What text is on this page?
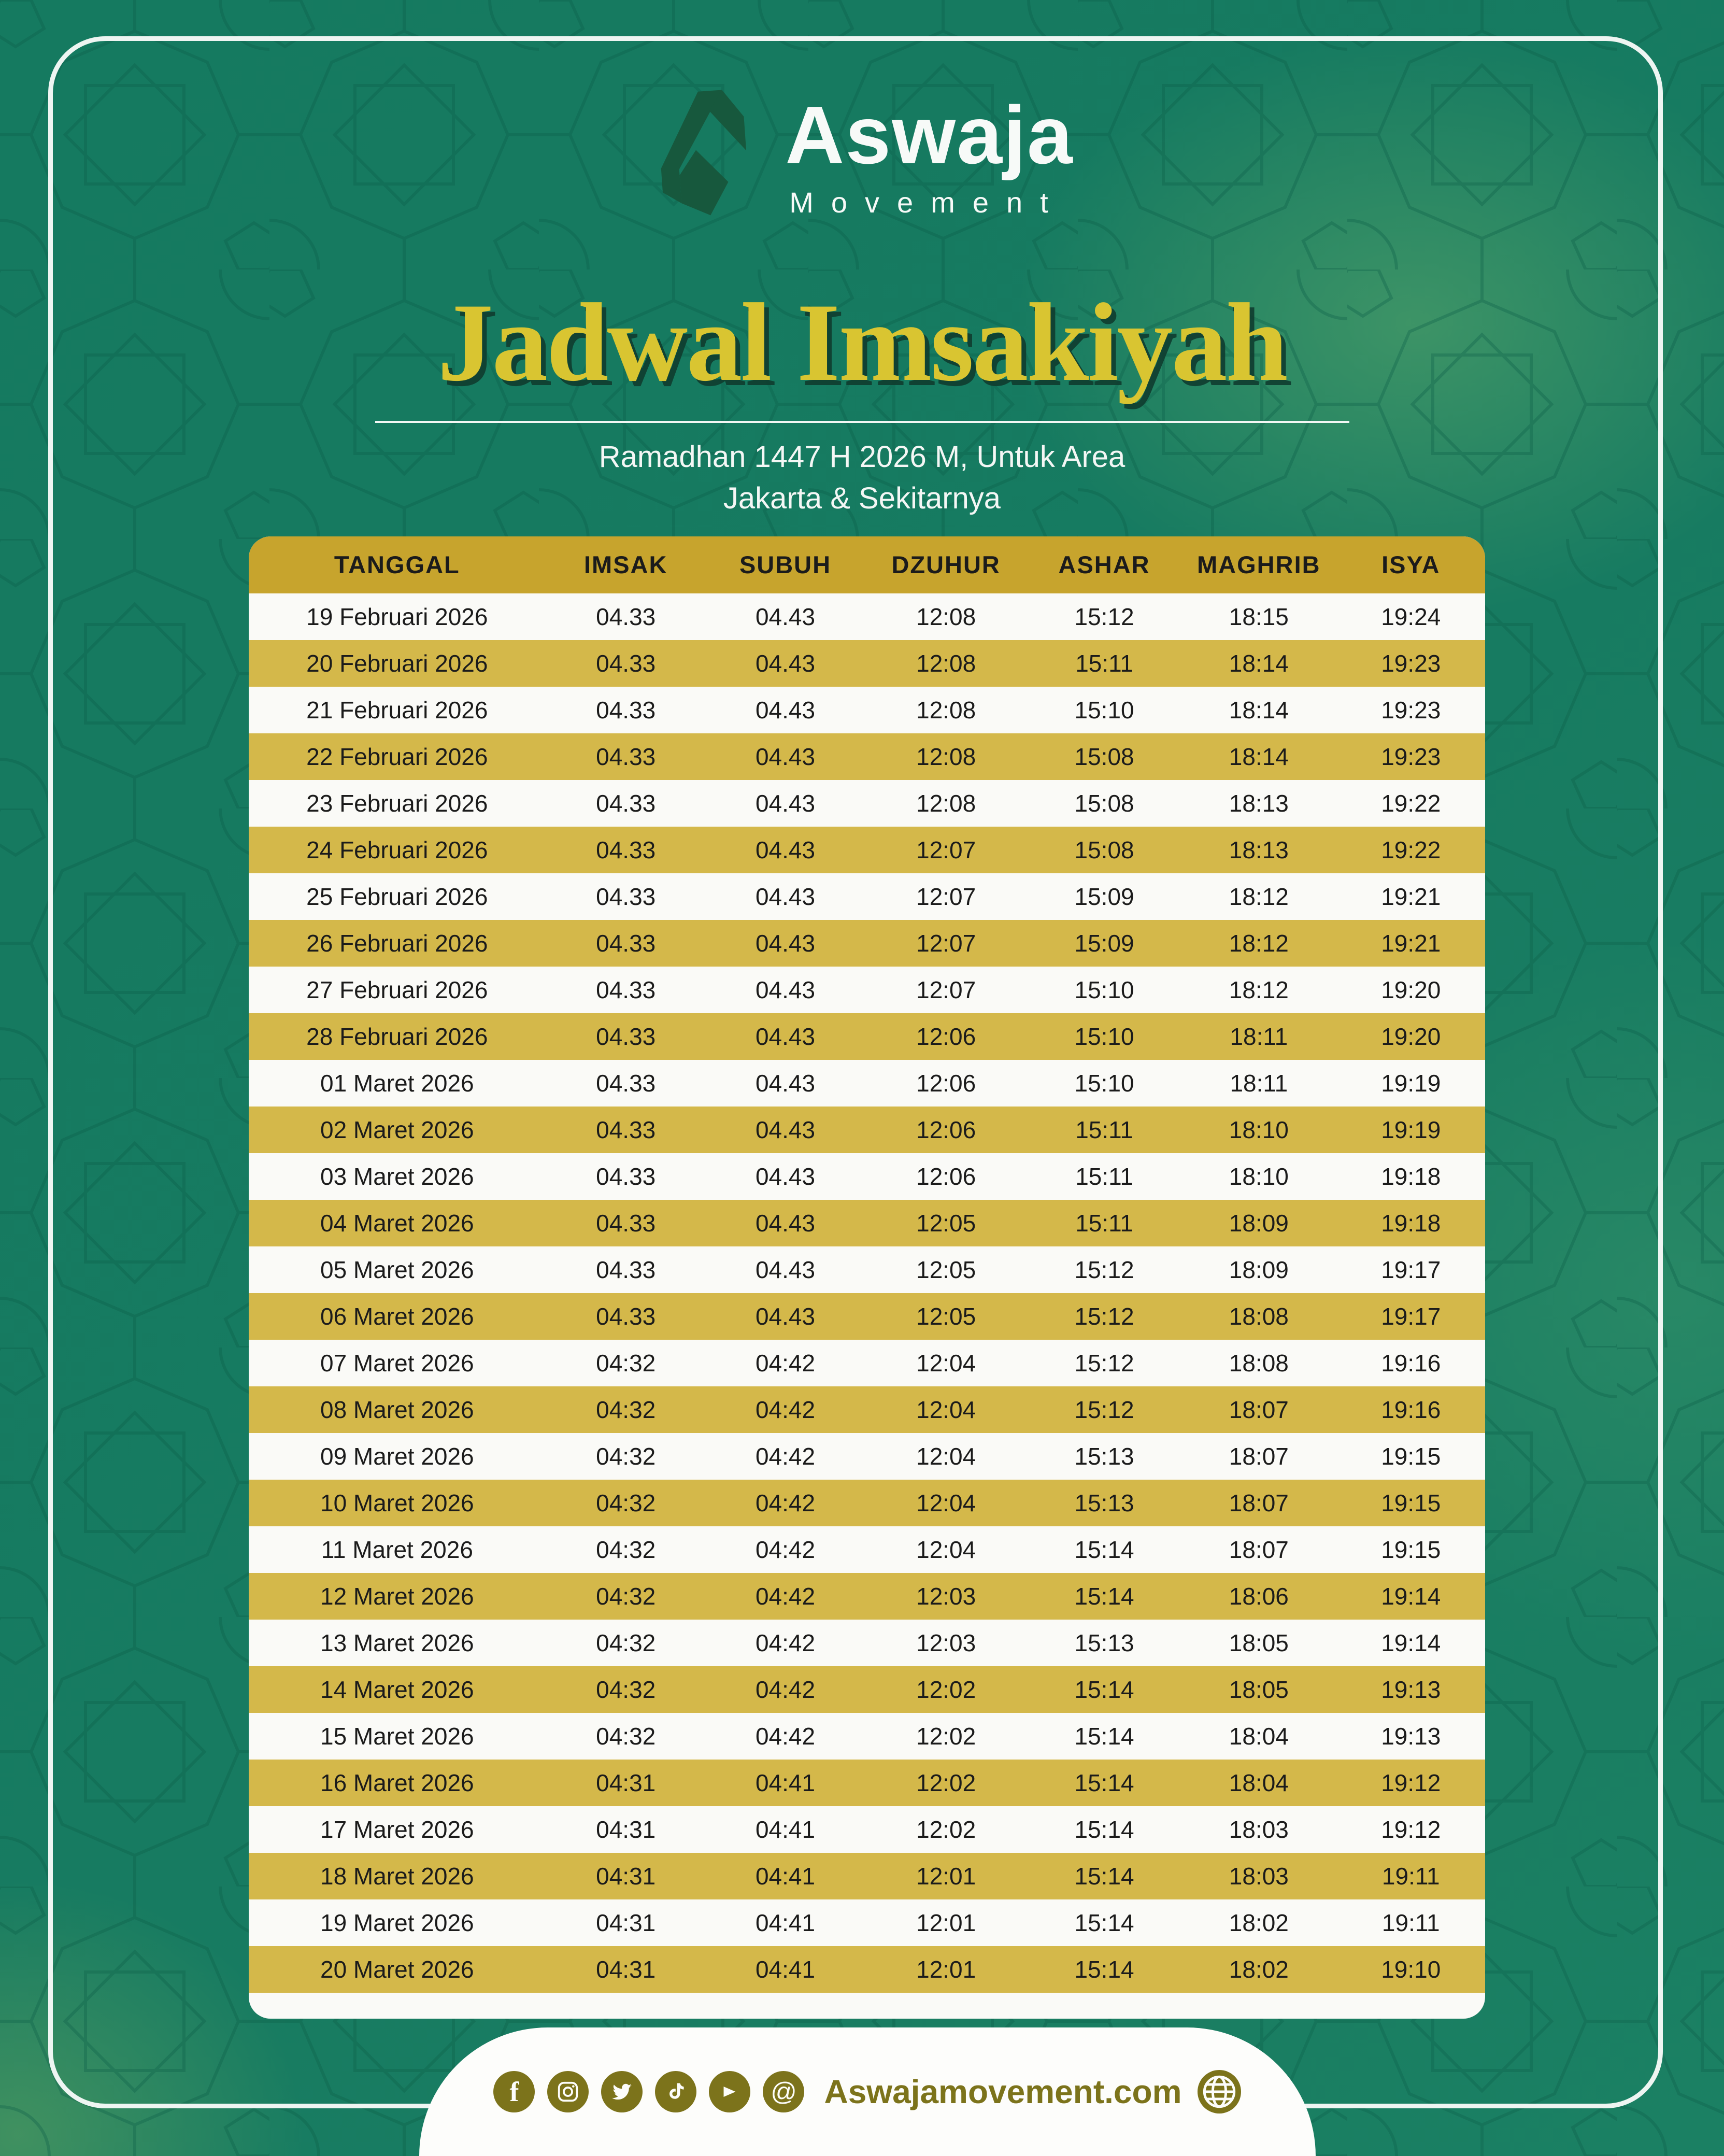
Aswaja
Movement
Jadwal Imsakiyah
Ramadhan 1447 H 2026 M, Untuk Area
Jakarta & Sekitarnya
TANGGAL	IMSAK	SUBUH	DZUHUR	ASHAR	MAGHRIB	ISYA
19 Februari 2026	04.33	04.43	12:08	15:12	18:15	19:24
20 Februari 2026	04.33	04.43	12:08	15:11	18:14	19:23
21 Februari 2026	04.33	04.43	12:08	15:10	18:14	19:23
22 Februari 2026	04.33	04.43	12:08	15:08	18:14	19:23
23 Februari 2026	04.33	04.43	12:08	15:08	18:13	19:22
24 Februari 2026	04.33	04.43	12:07	15:08	18:13	19:22
25 Februari 2026	04.33	04.43	12:07	15:09	18:12	19:21
26 Februari 2026	04.33	04.43	12:07	15:09	18:12	19:21
27 Februari 2026	04.33	04.43	12:07	15:10	18:12	19:20
28 Februari 2026	04.33	04.43	12:06	15:10	18:11	19:20
01 Maret 2026	04.33	04.43	12:06	15:10	18:11	19:19
02 Maret 2026	04.33	04.43	12:06	15:11	18:10	19:19
03 Maret 2026	04.33	04.43	12:06	15:11	18:10	19:18
04 Maret 2026	04.33	04.43	12:05	15:11	18:09	19:18
05 Maret 2026	04.33	04.43	12:05	15:12	18:09	19:17
06 Maret 2026	04.33	04.43	12:05	15:12	18:08	19:17
07 Maret 2026	04:32	04:42	12:04	15:12	18:08	19:16
08 Maret 2026	04:32	04:42	12:04	15:12	18:07	19:16
09 Maret 2026	04:32	04:42	12:04	15:13	18:07	19:15
10 Maret 2026	04:32	04:42	12:04	15:13	18:07	19:15
11 Maret 2026	04:32	04:42	12:04	15:14	18:07	19:15
12 Maret 2026	04:32	04:42	12:03	15:14	18:06	19:14
13 Maret 2026	04:32	04:42	12:03	15:13	18:05	19:14
14 Maret 2026	04:32	04:42	12:02	15:14	18:05	19:13
15 Maret 2026	04:32	04:42	12:02	15:14	18:04	19:13
16 Maret 2026	04:31	04:41	12:02	15:14	18:04	19:12
17 Maret 2026	04:31	04:41	12:02	15:14	18:03	19:12
18 Maret 2026	04:31	04:41	12:01	15:14	18:03	19:11
19 Maret 2026	04:31	04:41	12:01	15:14	18:02	19:11
20 Maret 2026	04:31	04:41	12:01	15:14	18:02	19:10
f	@ Aswajamovement.com
